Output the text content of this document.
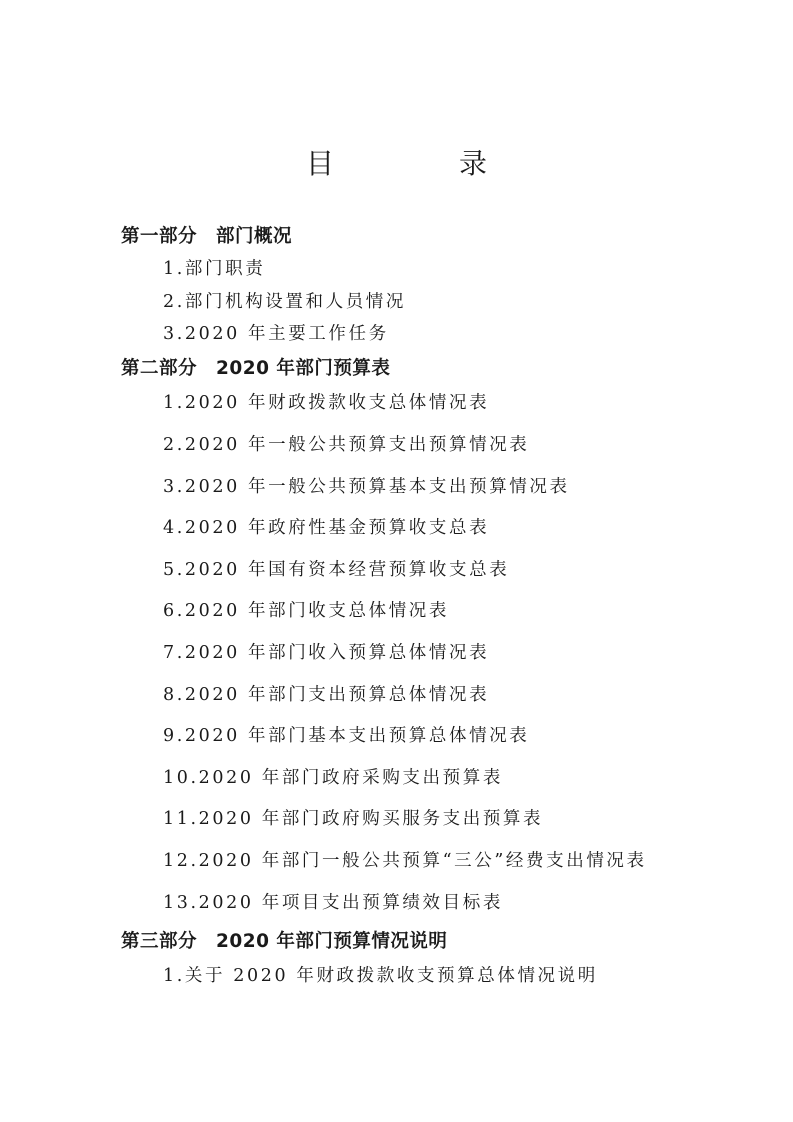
目 录
第一部分　部门概况
1.部门职责
2.部门机构设置和人员情况
3.2020 年主要工作任务
第二部分　2020 年部门预算表
1.2020 年财政拨款收支总体情况表
2.2020 年一般公共预算支出预算情况表
3.2020 年一般公共预算基本支出预算情况表
4.2020 年政府性基金预算收支总表
5.2020 年国有资本经营预算收支总表
6.2020 年部门收支总体情况表
7.2020 年部门收入预算总体情况表
8.2020 年部门支出预算总体情况表
9.2020 年部门基本支出预算总体情况表
10.2020 年部门政府采购支出预算表
11.2020 年部门政府购买服务支出预算表
12.2020 年部门一般公共预算“三公”经费支出情况表
13.2020 年项目支出预算绩效目标表
第三部分　2020 年部门预算情况说明
1.关于 2020 年财政拨款收支预算总体情况说明
